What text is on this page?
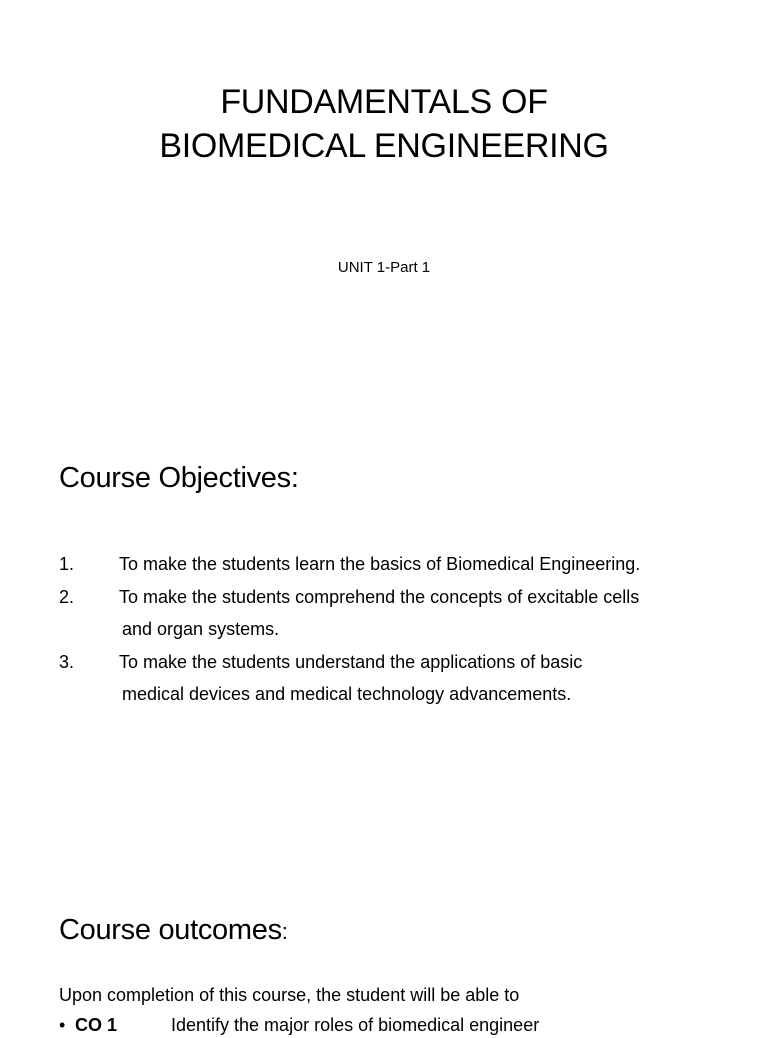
FUNDAMENTALS OF
BIOMEDICAL ENGINEERING
UNIT 1-Part 1
Course Objectives:
1. To make the students learn the basics of Biomedical Engineering.
2. To make the students comprehend the concepts of excitable cells
and organ systems.
3. To make the students understand the applications of basic
medical devices and medical technology advancements.
Course outcomes:
Upon completion of this course, the student will be able to
• CO 1	Identify the major roles of biomedical engineer
